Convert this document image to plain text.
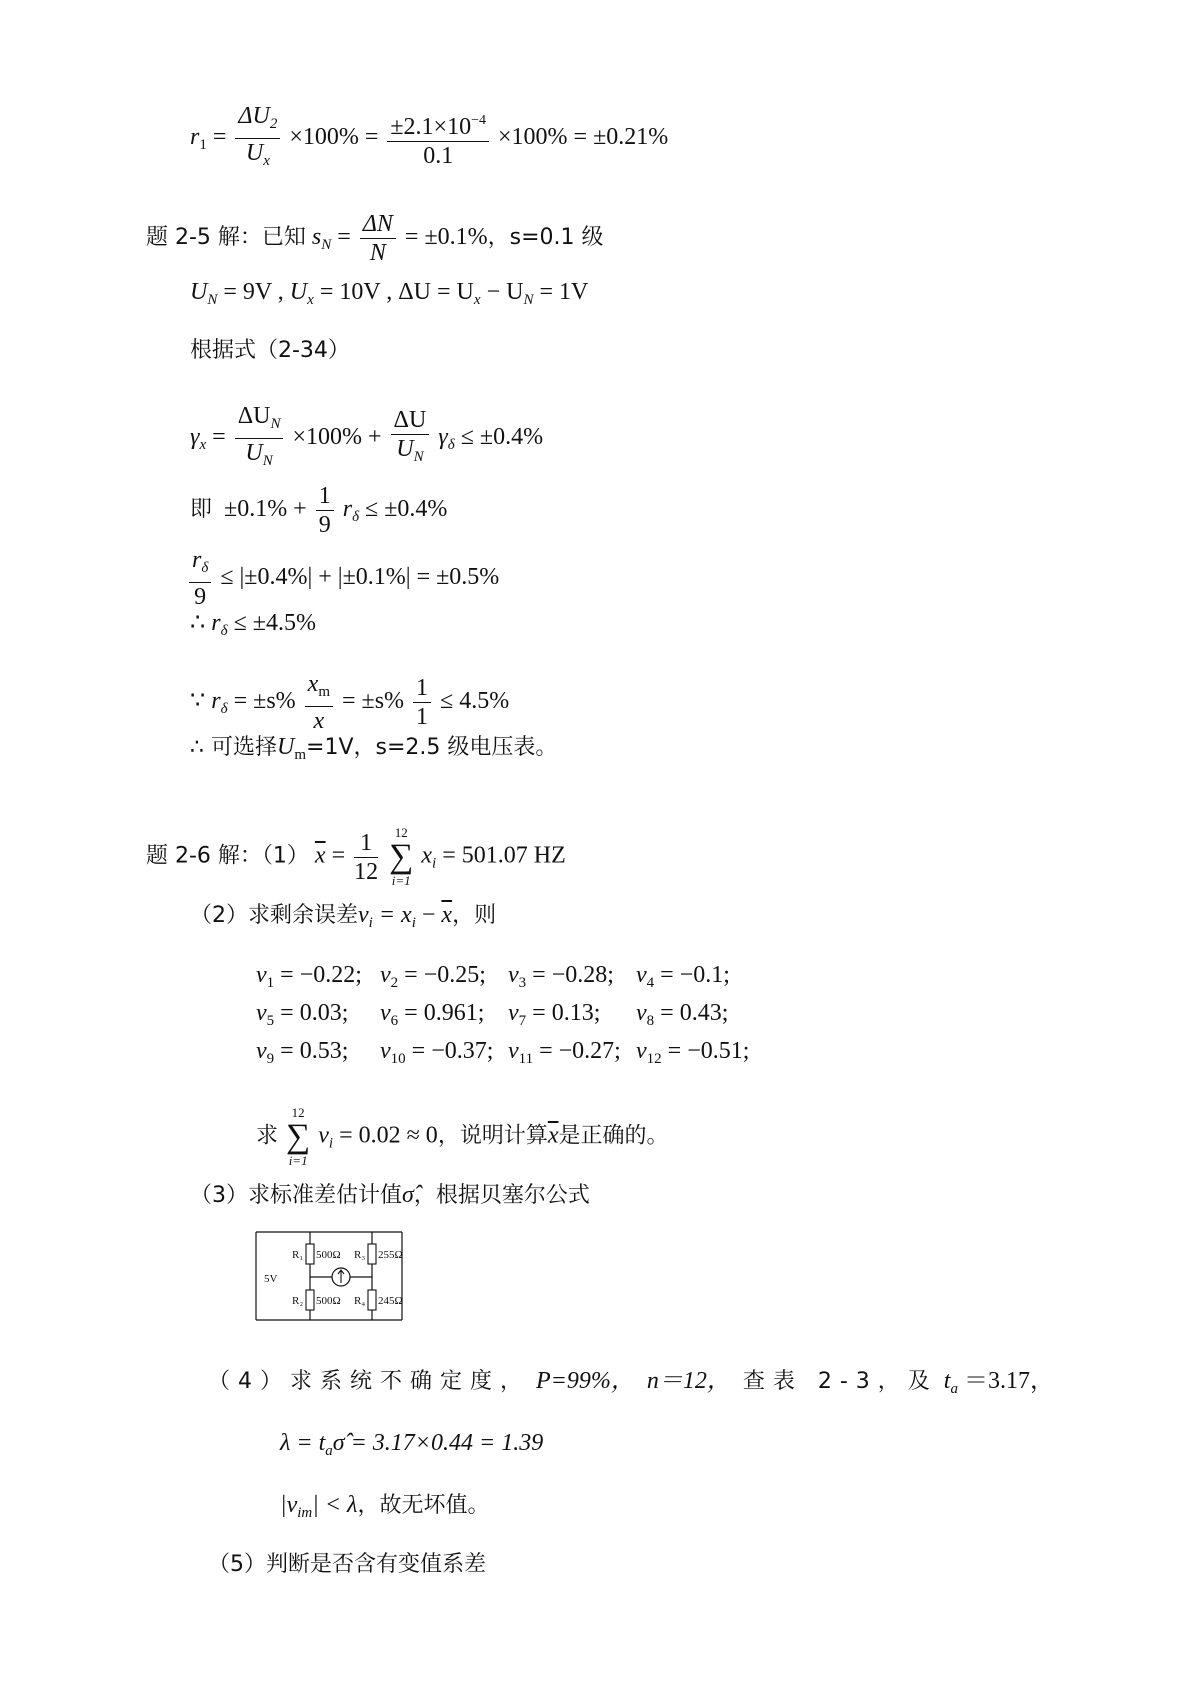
$r_1 = \frac{\Delta U_2}{U_x} \times 100\% = \frac{\pm 2.1\times 10^{-4}}{0.1} \times 100\% = \pm 0.21\%$
题 2-5 解：已知 $s_N = \frac{\Delta N}{N} = \pm 0.1\%$，s=0.1 级
$U_N = 9V$ , $U_x = 10V$ , $\Delta U = U_x - U_N = 1V$
根据式（2-34）
$\gamma_x = \frac{\Delta U_N}{U_N} \times 100\% + \frac{\Delta U}{U_N} \gamma_\delta \le \pm 0.4\%$
即 $\pm 0.1\% + \frac{1}{9} r_\delta \le \pm 0.4\%$
$\frac{r_\delta}{9} \le |\pm 0.4\%| + |\pm 0.1\%| = \pm 0.5\%$
∴ $r_\delta \le \pm 4.5\%$
∵ $r_\delta = \pm s\% \frac{x_m}{x} = \pm s\% \frac{1}{1} \le 4.5\%$
∴ 可选择$U_m=1V$，s=2.5 级电压表。
题 2-6 解：（1） $\overline{x} = \frac{1}{12} 12$
∑
i=1 $x_i = 501.07$ HZ
（2）求剩余误差$v_i = x_i - \overline{x}$，则
$v_1 = -0.22$; $v_2 = -0.25$; $v_3 = -0.28$; $v_4 = -0.1$;
$v_5 = 0.03$; $v_6 = 0.961$; $v_7 = 0.13$; $v_8 = 0.43$;
$v_9 = 0.53$; $v_{10} = -0.37$; $v_{11} = -0.27$; $v_{12} = -0.51$;
求 12
∑
i=1 $v_i = 0.02 \approx 0$，说明计算$\overline{x}$是正确的。
（3）求标准差估计值σ̂，根据贝塞尔公式
5V
R₁ 500Ω
R₂ 500Ω
R₃ 255Ω
R₄ 245Ω
（4）求系统不确定度， P=99%， n＝12， 查表 2-3，及 $t_a =3.17$，
$\lambda = t_a\sigmâ = 3.17\times 0.44 = 1.39$
$|v_{im}| < \lambda$，故无坏值。
（5）判断是否含有变值系差
